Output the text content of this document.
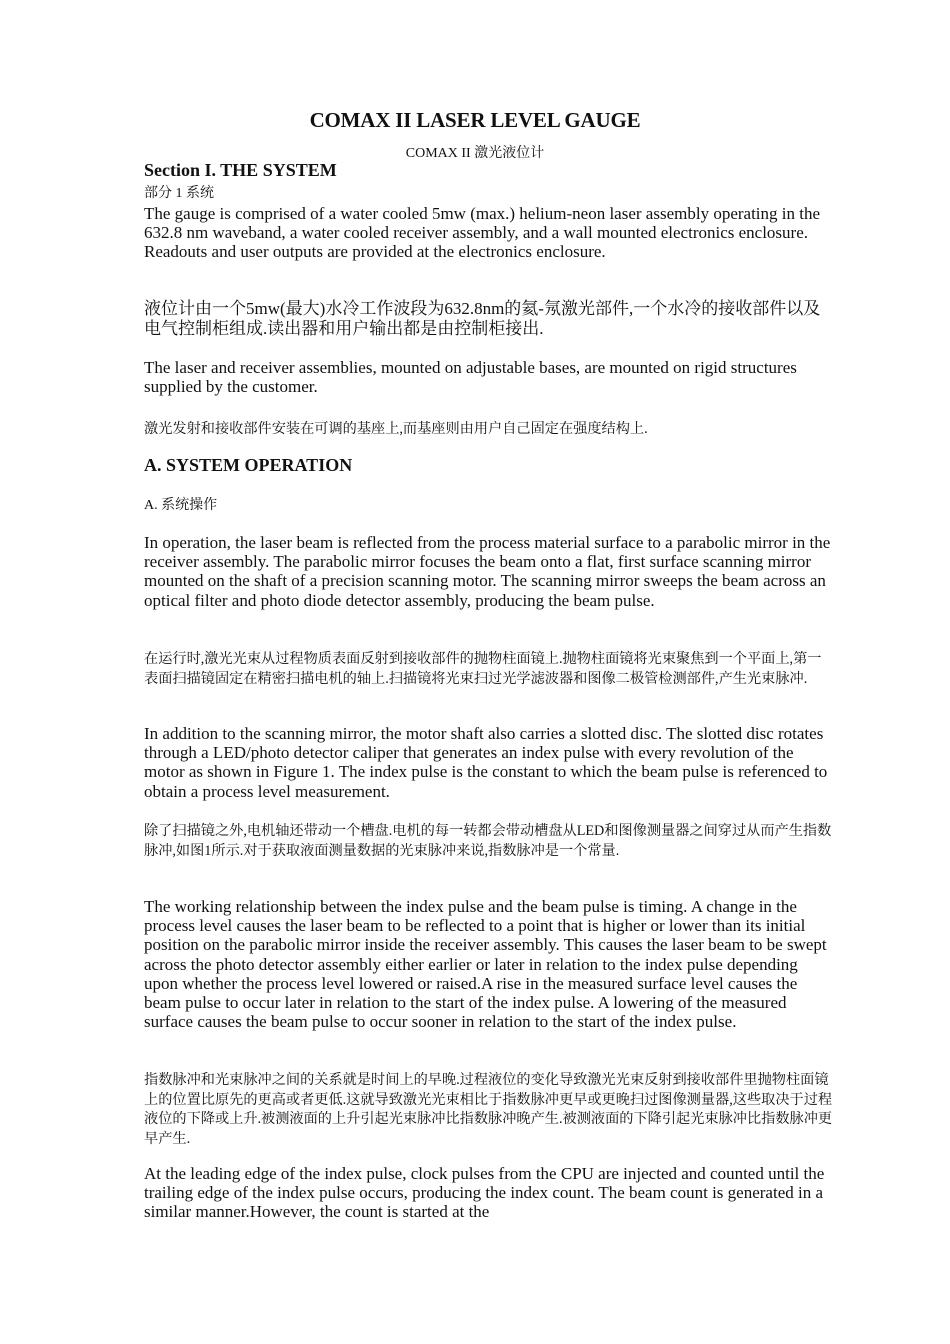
COMAX II LASER LEVEL GAUGE
COMAX II 激光液位计

Section I. THE SYSTEM

部分 1 系统

The gauge is comprised of a water cooled 5mw (max.) helium-neon laser assembly operating in the 632.8 nm waveband, a water cooled receiver assembly, and a wall mounted electronics enclosure. Readouts and user outputs are provided at the electronics enclosure.

液位计由一个5mw(最大)水冷工作波段为632.8nm的氦-氖激光部件,一个水冷的接收部件以及电气控制柜组成.读出器和用户输出都是由控制柜接出.

The laser and receiver assemblies, mounted on adjustable bases, are mounted on rigid structures supplied by the customer.

激光发射和接收部件安装在可调的基座上,而基座则由用户自己固定在强度结构上.

A. SYSTEM OPERATION

A. 系统操作

In operation, the laser beam is reflected from the process material surface to a parabolic mirror in the receiver assembly. The parabolic mirror focuses the beam onto a flat, first surface scanning mirror mounted on the shaft of a precision scanning motor. The scanning mirror sweeps the beam across an optical filter and photo diode detector assembly, producing the beam pulse.

在运行时,激光光束从过程物质表面反射到接收部件的抛物柱面镜上.抛物柱面镜将光束聚焦到一个平面上,第一表面扫描镜固定在精密扫描电机的轴上.扫描镜将光束扫过光学滤波器和图像二极管检测部件,产生光束脉冲.

In addition to the scanning mirror, the motor shaft also carries a slotted disc. The slotted disc rotates through a LED/photo detector caliper that generates an index pulse with every revolution of the motor as shown in Figure 1. The index pulse is the constant to which the beam pulse is referenced to obtain a process level measurement.

除了扫描镜之外,电机轴还带动一个槽盘.电机的每一转都会带动槽盘从LED和图像测量器之间穿过从而产生指数脉冲,如图1所示.对于获取液面测量数据的光束脉冲来说,指数脉冲是一个常量.

The working relationship between the index pulse and the beam pulse is timing. A change in the process level causes the laser beam to be reflected to a point that is higher or lower than its initial position on the parabolic mirror inside the receiver assembly. This causes the laser beam to be swept across the photo detector assembly either earlier or later in relation to the index pulse depending upon whether the process level lowered or raised.A rise in the measured surface level causes the beam pulse to occur later in relation to the start of the index pulse. A lowering of the measured surface causes the beam pulse to occur sooner in relation to the start of the index pulse.

指数脉冲和光束脉冲之间的关系就是时间上的早晚.过程液位的变化导致激光光束反射到接收部件里抛物柱面镜上的位置比原先的更高或者更低.这就导致激光光束相比于指数脉冲更早或更晚扫过图像测量器,这些取决于过程液位的下降或上升.被测液面的上升引起光束脉冲比指数脉冲晚产生.被测液面的下降引起光束脉冲比指数脉冲更早产生.

At the leading edge of the index pulse, clock pulses from the CPU are injected and counted until the trailing edge of the index pulse occurs, producing the index count. The beam count is generated in a similar manner.However, the count is started at the
